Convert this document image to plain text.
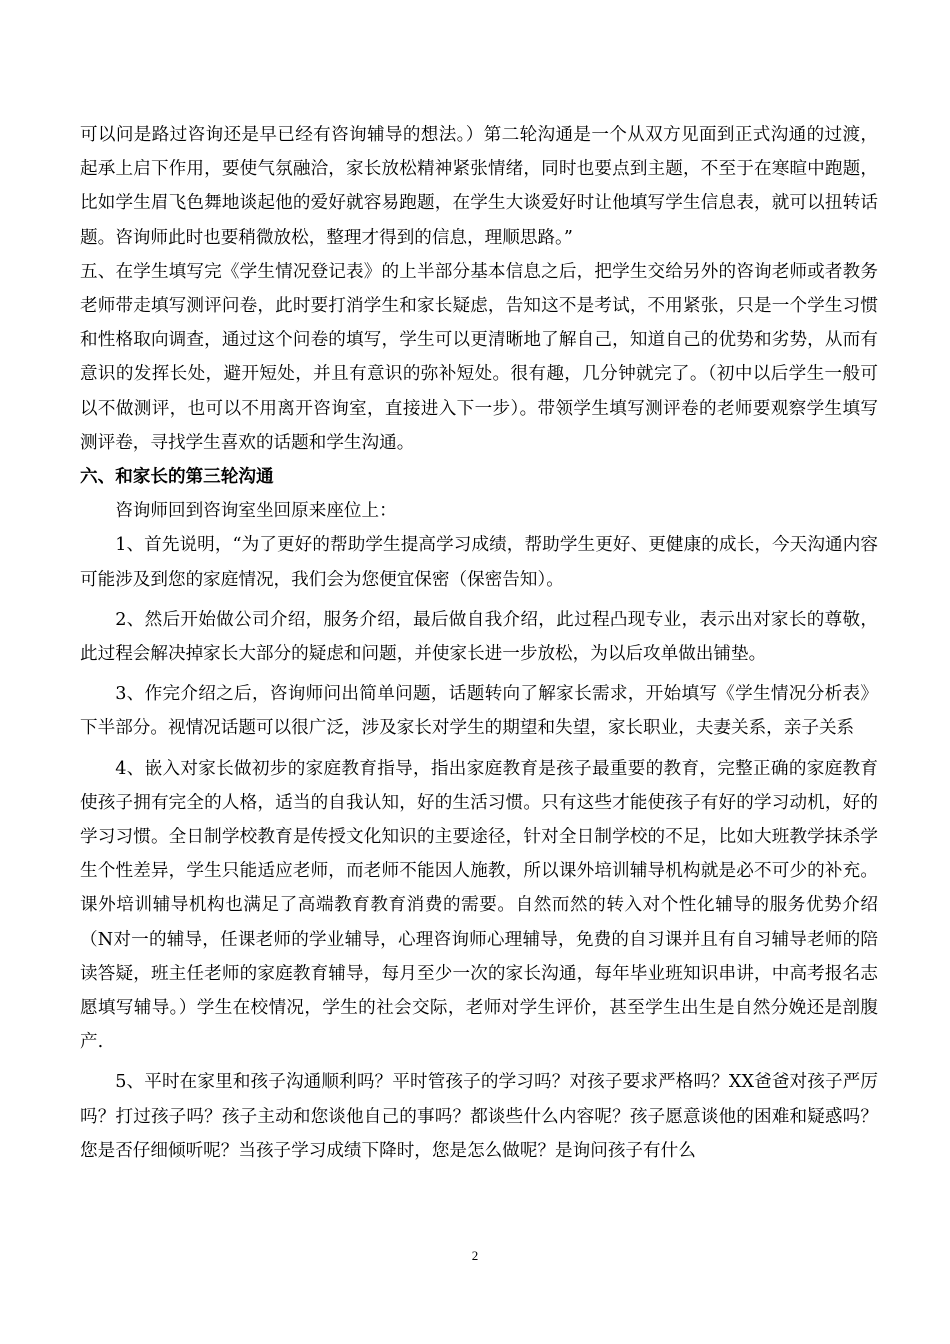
可以问是路过咨询还是早已经有咨询辅导的想法。）第二轮沟通是一个从双方见面到正式沟通的过渡，起承上启下作用，要使气氛融洽，家长放松精神紧张情绪，同时也要点到主题，不至于在寒暄中跑题，比如学生眉飞色舞地谈起他的爱好就容易跑题，在学生大谈爱好时让他填写学生信息表，就可以扭转话题。咨询师此时也要稍微放松，整理才得到的信息，理顺思路。”

五、在学生填写完《学生情况登记表》的上半部分基本信息之后，把学生交给另外的咨询老师或者教务老师带走填写测评问卷，此时要打消学生和家长疑虑，告知这不是考试，不用紧张，只是一个学生习惯和性格取向调查，通过这个问卷的填写，学生可以更清晰地了解自己，知道自己的优势和劣势，从而有意识的发挥长处，避开短处，并且有意识的弥补短处。很有趣，几分钟就完了。（初中以后学生一般可以不做测评，也可以不用离开咨询室，直接进入下一步）。带领学生填写测评卷的老师要观察学生填写测评卷，寻找学生喜欢的话题和学生沟通。

六、和家长的第三轮沟通

咨询师回到咨询室坐回原来座位上：

1、首先说明，“为了更好的帮助学生提高学习成绩，帮助学生更好、更健康的成长，今天沟通内容可能涉及到您的家庭情况，我们会为您便宜保密（保密告知）。

2、然后开始做公司介绍，服务介绍，最后做自我介绍，此过程凸现专业，表示出对家长的尊敬，此过程会解决掉家长大部分的疑虑和问题，并使家长进一步放松，为以后攻单做出铺垫。

3、作完介绍之后，咨询师问出简单问题，话题转向了解家长需求，开始填写《学生情况分析表》下半部分。视情况话题可以很广泛，涉及家长对学生的期望和失望，家长职业，夫妻关系，亲子关系

4、嵌入对家长做初步的家庭教育指导，指出家庭教育是孩子最重要的教育，完整正确的家庭教育使孩子拥有完全的人格，适当的自我认知，好的生活习惯。只有这些才能使孩子有好的学习动机，好的学习习惯。全日制学校教育是传授文化知识的主要途径，针对全日制学校的不足，比如大班教学抹杀学生个性差异，学生只能适应老师，而老师不能因人施教，所以课外培训辅导机构就是必不可少的补充。课外培训辅导机构也满足了高端教育教育消费的需要。自然而然的转入对个性化辅导的服务优势介绍（N对一的辅导，任课老师的学业辅导，心理咨询师心理辅导，免费的自习课并且有自习辅导老师的陪读答疑，班主任老师的家庭教育辅导，每月至少一次的家长沟通，每年毕业班知识串讲，中高考报名志愿填写辅导。）学生在校情况，学生的社会交际，老师对学生评价，甚至学生出生是自然分娩还是剖腹产.

5、平时在家里和孩子沟通顺利吗？平时管孩子的学习吗？对孩子要求严格吗？XX爸爸对孩子严厉吗？打过孩子吗？孩子主动和您谈他自己的事吗？都谈些什么内容呢？孩子愿意谈他的困难和疑惑吗？您是否仔细倾听呢？当孩子学习成绩下降时，您是怎么做呢？是询问孩子有什么

2
